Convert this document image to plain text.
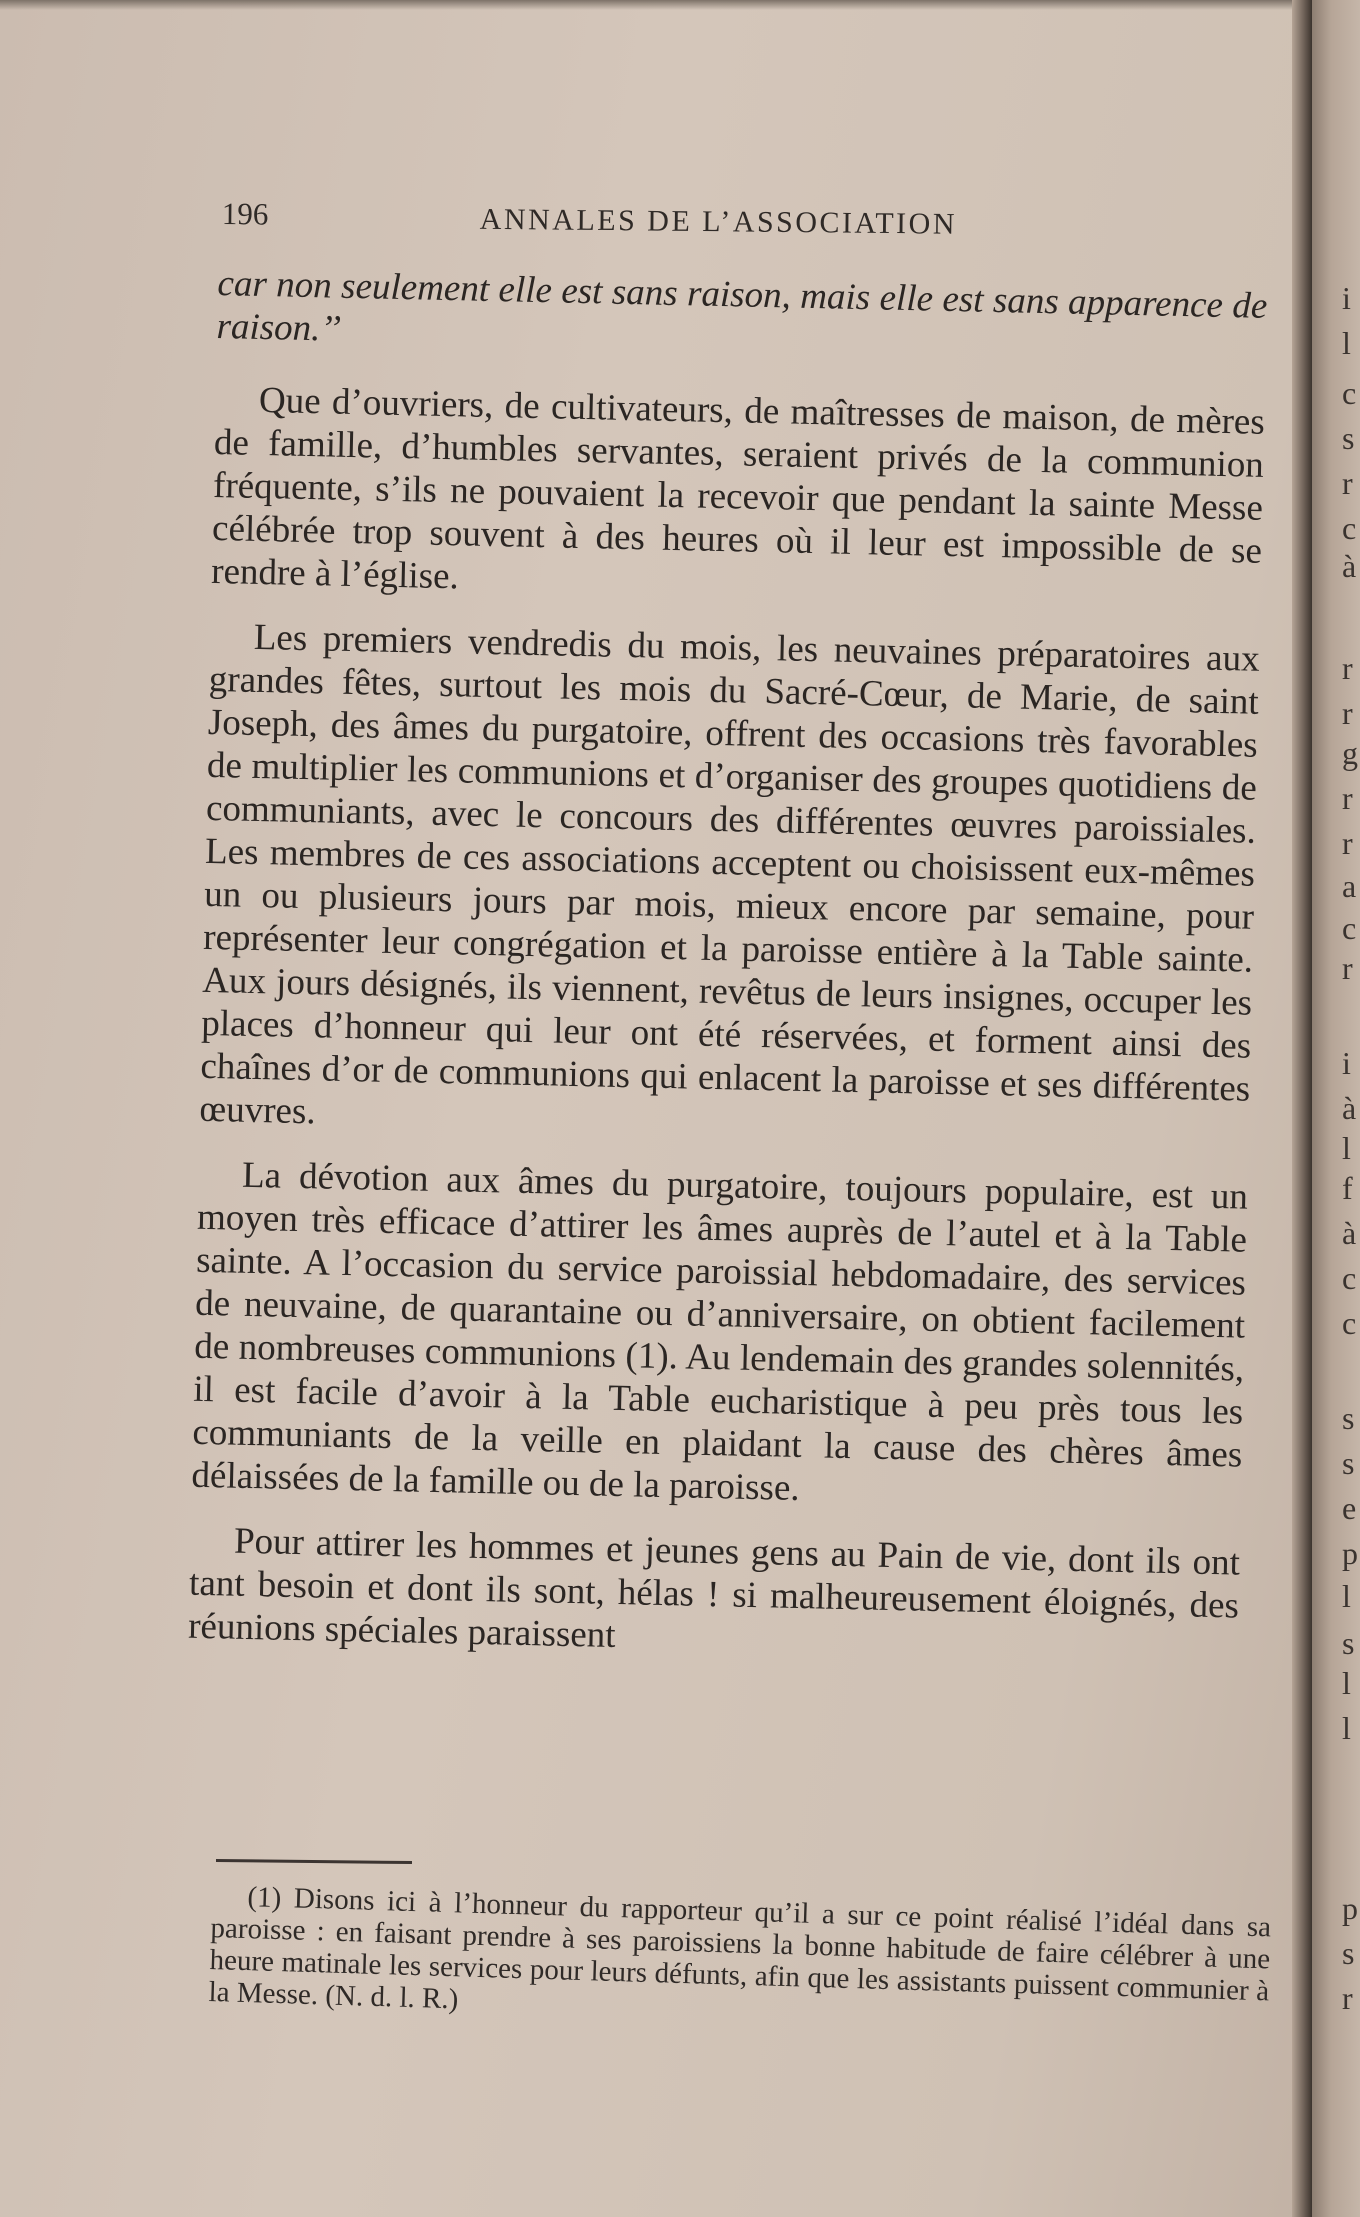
196	ANNALES DE L’ASSOCIATION

car non seulement elle est sans raison, mais elle est sans apparence de raison.’’

Que d’ouvriers, de cultivateurs, de maîtresses de maison, de mères de famille, d’humbles servantes, seraient privés de la communion fréquente, s’ils ne pouvaient la recevoir que pendant la sainte Messe célébrée trop souvent à des heures où il leur est impossible de se rendre à l’église.

Les premiers vendredis du mois, les neuvaines préparatoires aux grandes fêtes, surtout les mois du Sacré-Cœur, de Marie, de saint Joseph, des âmes du purgatoire, offrent des occasions très favorables de multiplier les communions et d’organiser des groupes quotidiens de communiants, avec le concours des différentes œuvres paroissiales. Les membres de ces associations acceptent ou choisissent eux-mêmes un ou plusieurs jours par mois, mieux encore par semaine, pour représenter leur congrégation et la paroisse entière à la Table sainte. Aux jours désignés, ils viennent, revêtus de leurs insignes, occuper les places d’honneur qui leur ont été réservées, et forment ainsi des chaînes d’or de communions qui enlacent la paroisse et ses différentes œuvres.

La dévotion aux âmes du purgatoire, toujours populaire, est un moyen très efficace d’attirer les âmes auprès de l’autel et à la Table sainte. A l’occasion du service paroissial hebdomadaire, des services de neuvaine, de quarantaine ou d’anniversaire, on obtient facilement de nombreuses communions (1). Au lendemain des grandes solennités, il est facile d’avoir à la Table eucharistique à peu près tous les communiants de la veille en plaidant la cause des chères âmes délaissées de la famille ou de la paroisse.

Pour attirer les hommes et jeunes gens au Pain de vie, dont ils ont tant besoin et dont ils sont, hélas ! si malheureusement éloignés, des réunions spéciales paraissent

(1) Disons ici à l’honneur du rapporteur qu’il a sur ce point réalisé l’idéal dans sa paroisse : en faisant prendre à ses paroissiens la bonne habitude de faire célébrer à une heure matinale les services pour leurs défunts, afin que les assistants puissent communier à la Messe. (N. d. l. R.)
i
l
c
s
r
c
à
r
r
g
r
r
a
c
r
i
à
l
f
à
c
c
s
s
e
p
l
s
l
l
p
s
r
